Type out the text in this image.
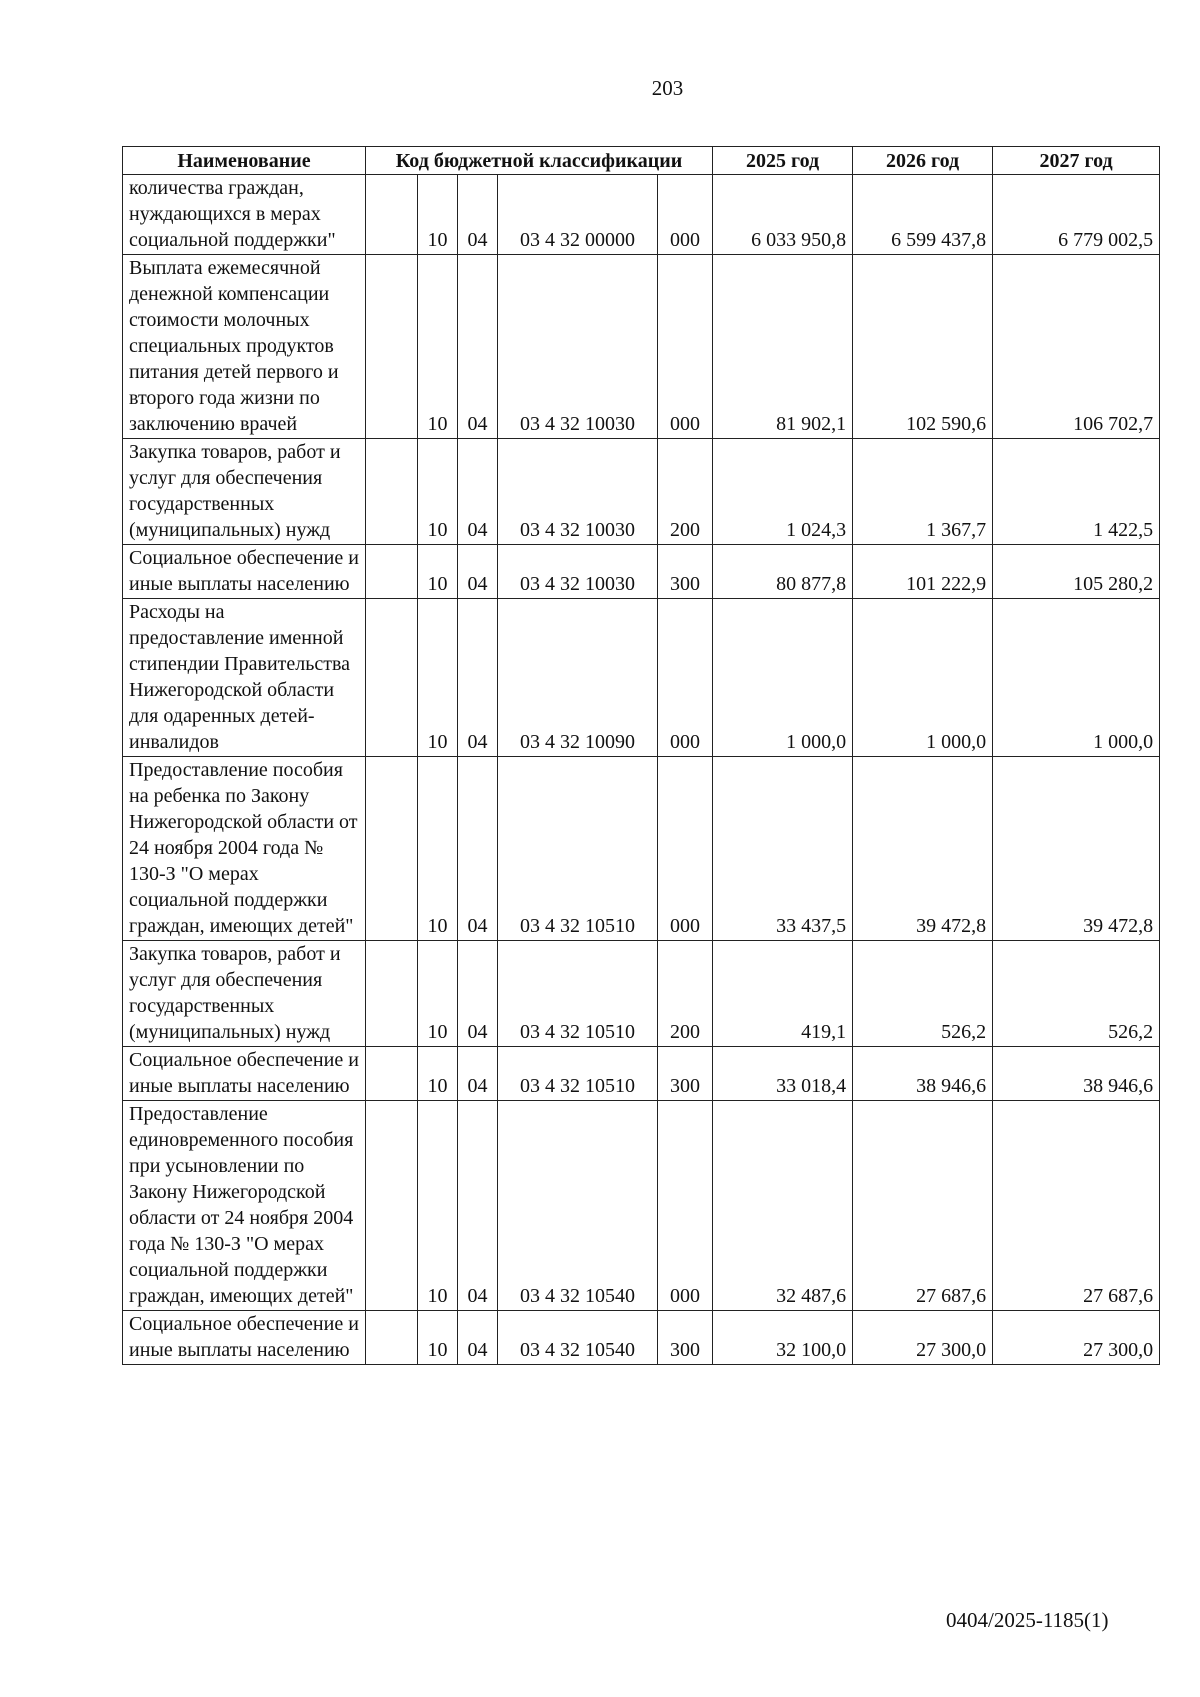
203
Наименование	Код бюджетной классификации					2025 год	2026 год	2027 год
количества граждан, нуждающихся в мерах социальной поддержки"		10	04	03 4 32 00000	000	6 033 950,8	6 599 437,8	6 779 002,5
Выплата ежемесячной денежной компенсации стоимости молочных специальных продуктов питания детей первого и второго года жизни по заключению врачей		10	04	03 4 32 10030	000	81 902,1	102 590,6	106 702,7
Закупка товаров, работ и услуг для обеспечения государственных (муниципальных) нужд		10	04	03 4 32 10030	200	1 024,3	1 367,7	1 422,5
Социальное обеспечение и иные выплаты населению		10	04	03 4 32 10030	300	80 877,8	101 222,9	105 280,2
Расходы на предоставление именной стипендии Правительства Нижегородской области для одаренных детей-инвалидов		10	04	03 4 32 10090	000	1 000,0	1 000,0	1 000,0
Предоставление пособия на ребенка по Закону Нижегородской области от 24 ноября 2004 года № 130-З "О мерах социальной поддержки граждан, имеющих детей"		10	04	03 4 32 10510	000	33 437,5	39 472,8	39 472,8
Закупка товаров, работ и услуг для обеспечения государственных (муниципальных) нужд		10	04	03 4 32 10510	200	419,1	526,2	526,2
Социальное обеспечение и иные выплаты населению		10	04	03 4 32 10510	300	33 018,4	38 946,6	38 946,6
Предоставление единовременного пособия при усыновлении по Закону Нижегородской области от 24 ноября 2004 года № 130-З "О мерах социальной поддержки граждан, имеющих детей"		10	04	03 4 32 10540	000	32 487,6	27 687,6	27 687,6
Социальное обеспечение и иные выплаты населению		10	04	03 4 32 10540	300	32 100,0	27 300,0	27 300,0
0404/2025-1185(1)
